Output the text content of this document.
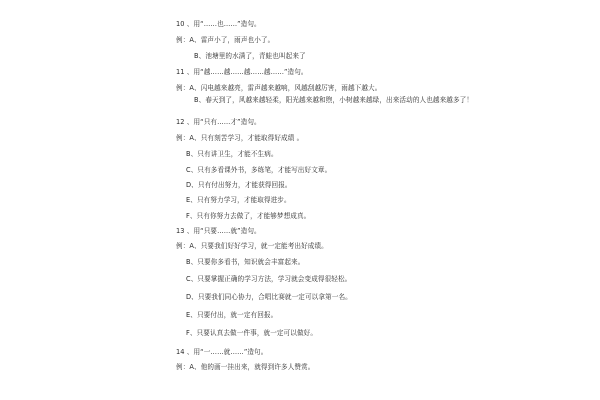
10 、用“……也……”造句。
例：A、雷声小了，雨声也小了。
B、池塘里的水满了，青蛙也叫起来了
11 、用“越……越……越……越……”造句。
例：A、闪电越来越亮，雷声越来越响，风越刮越厉害，雨越下越大。
B、春天到了，风越来越轻柔，阳光越来越和煦，小树越来越绿，出来活动的人也越来越多了！
12 、用“只有……才”造句。
例：A、只有刻苦学习，才能取得好成绩 。
B、只有讲卫生，才能不生病。
C、只有多看课外书，多练笔，才能写出好文章。
D、只有付出努力，才能获得回报。
E、只有努力学习，才能取得进步。
F、只有你努力去做了，才能够梦想成真。
13 、用“只要……就”造句。
例：A、只要我们好好学习，就一定能考出好成绩。
B、只要你多看书，知识就会丰富起来。
C、只要掌握正确的学习方法，学习就会变成得很轻松。
D、只要我们同心协力，合唱比赛就一定可以拿第一名。
E、只要付出，就一定有回报。
F、只要认真去做一件事，就一定可以做好。
14 、用“一……就……”造句。
例：A、他的画一挂出来，就得到许多人赞赏。
